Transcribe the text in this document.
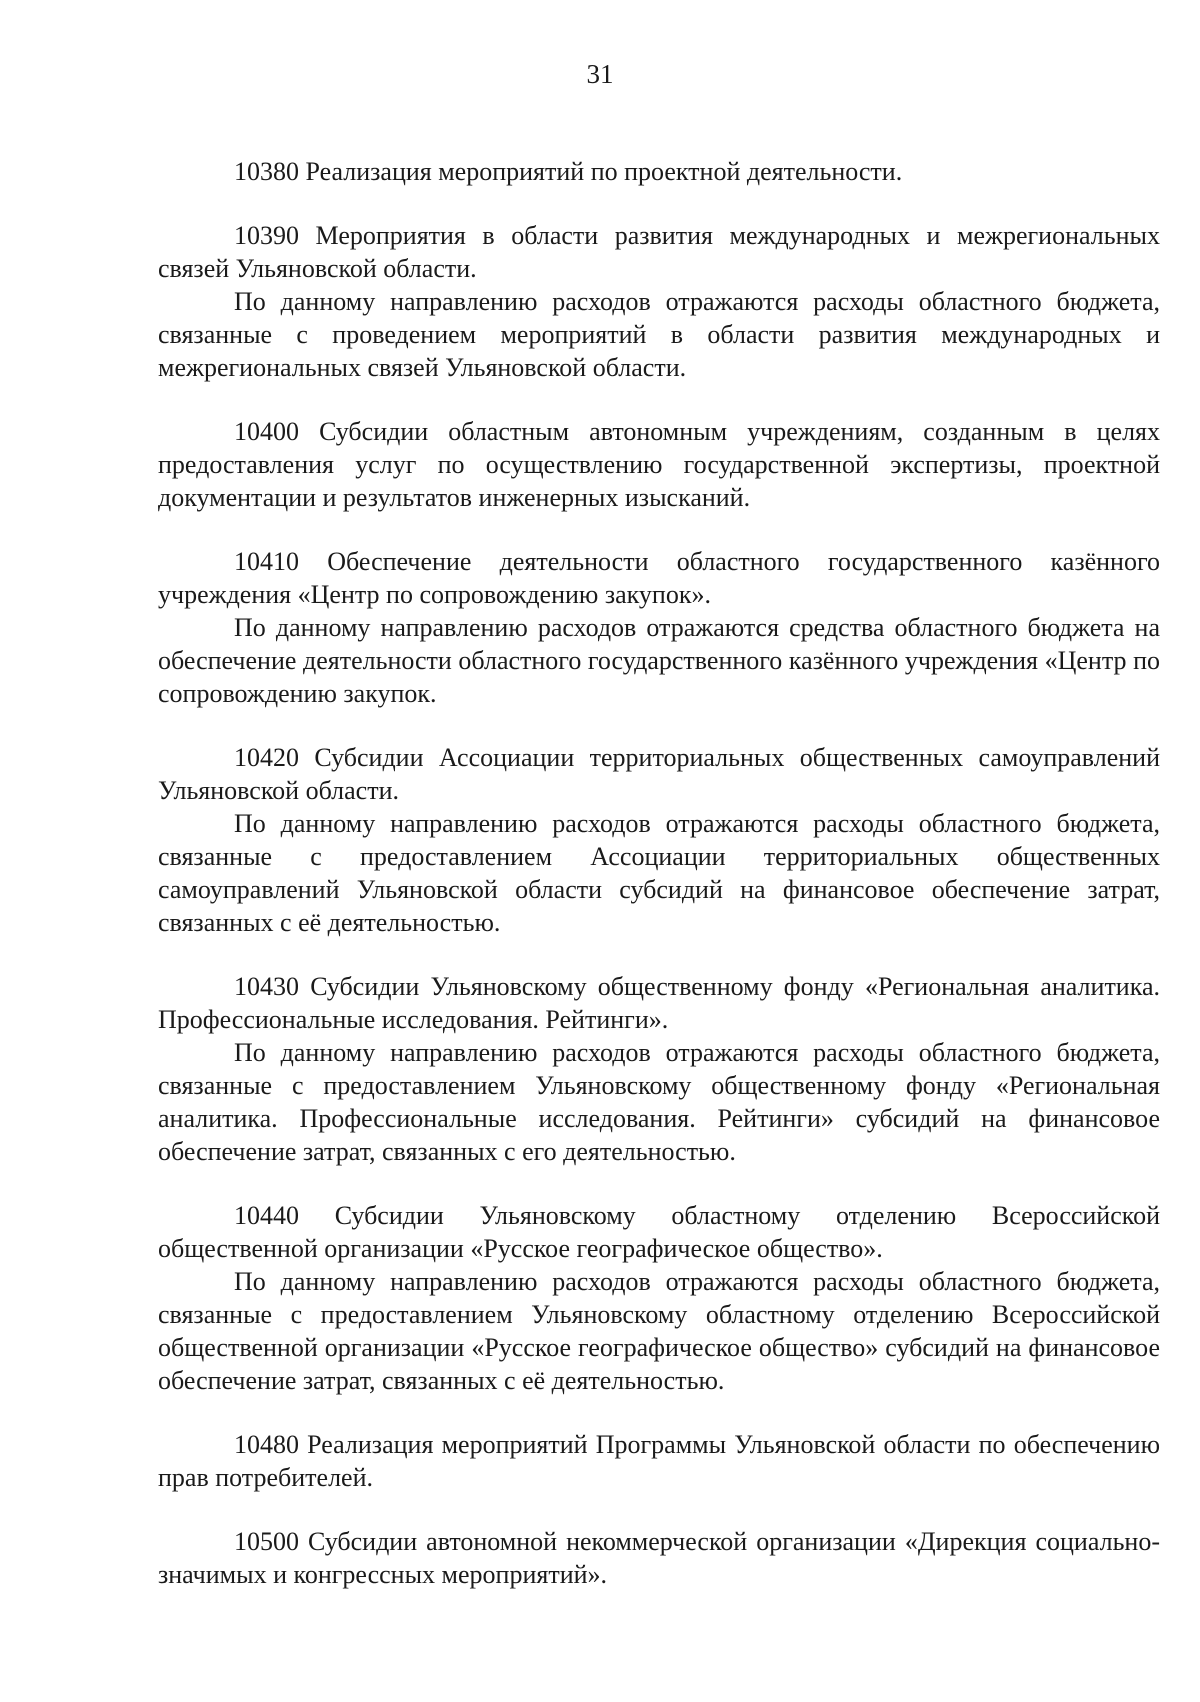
31

10380 Реализация мероприятий по проектной деятельности.

10390 Мероприятия в области развития международных и межрегиональных связей Ульяновской области.

По данному направлению расходов отражаются расходы областного бюджета, связанные с проведением мероприятий в области развития международных и межрегиональных связей Ульяновской области.

10400 Субсидии областным автономным учреждениям, созданным в целях предоставления услуг по осуществлению государственной экспертизы, проектной документации и результатов инженерных изысканий.

10410 Обеспечение деятельности областного государственного казённого учреждения «Центр по сопровождению закупок».

По данному направлению расходов отражаются средства областного бюджета на обеспечение деятельности областного государственного казённого учреждения «Центр по сопровождению закупок.

10420 Субсидии Ассоциации территориальных общественных самоуправлений Ульяновской области.

По данному направлению расходов отражаются расходы областного бюджета, связанные с предоставлением Ассоциации территориальных общественных самоуправлений Ульяновской области субсидий на финансовое обеспечение затрат, связанных с её деятельностью.

10430 Субсидии Ульяновскому общественному фонду «Региональная аналитика. Профессиональные исследования. Рейтинги».

По данному направлению расходов отражаются расходы областного бюджета, связанные с предоставлением Ульяновскому общественному фонду «Региональная аналитика. Профессиональные исследования. Рейтинги» субсидий на финансовое обеспечение затрат, связанных с его деятельностью.

10440 Субсидии Ульяновскому областному отделению Всероссийской общественной организации «Русское географическое общество».

По данному направлению расходов отражаются расходы областного бюджета, связанные с предоставлением Ульяновскому областному отделению Всероссийской общественной организации «Русское географическое общество» субсидий на финансовое обеспечение затрат, связанных с её деятельностью.

10480 Реализация мероприятий Программы Ульяновской области по обеспечению прав потребителей.

10500 Субсидии автономной некоммерческой организации «Дирекция социально-значимых и конгрессных мероприятий».
